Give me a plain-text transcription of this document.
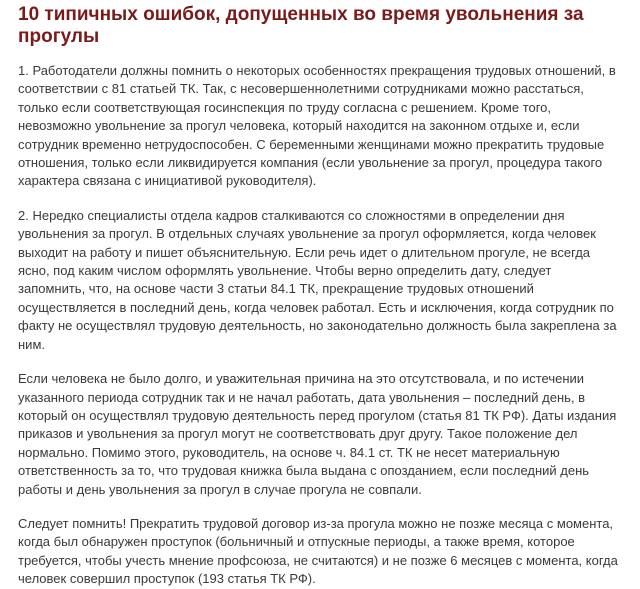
10 типичных ошибок, допущенных во время увольнения за прогулы

1. Работодатели должны помнить о некоторых особенностях прекращения трудовых отношений, в соответствии с 81 статьей ТК. Так, с несовершеннолетними сотрудниками можно расстаться, только если соответствующая госинспекция по труду согласна с решением. Кроме того, невозможно увольнение за прогул человека, который находится на законном отдыхе и, если сотрудник временно нетрудоспособен. С беременными женщинами можно прекратить трудовые отношения, только если ликвидируется компания (если увольнение за прогул, процедура такого характера связана с инициативой руководителя).

2. Нередко специалисты отдела кадров сталкиваются со сложностями в определении дня увольнения за прогул. В отдельных случаях увольнение за прогул оформляется, когда человек выходит на работу и пишет объяснительную. Если речь идет о длительном прогуле, не всегда ясно, под каким числом оформлять увольнение. Чтобы верно определить дату, следует запомнить, что, на основе части 3 статьи 84.1 ТК, прекращение трудовых отношений осуществляется в последний день, когда человек работал. Есть и исключения, когда сотрудник по факту не осуществлял трудовую деятельность, но законодательно должность была закреплена за ним.

Если человека не было долго, и уважительная причина на это отсутствовала, и по истечении указанного периода сотрудник так и не начал работать, дата увольнения – последний день, в который он осуществлял трудовую деятельность перед прогулом (статья 81 ТК РФ). Даты издания приказов и увольнения за прогул могут не соответствовать друг другу. Такое положение дел нормально. Помимо этого, руководитель, на основе ч. 84.1 ст. ТК не несет материальную ответственность за то, что трудовая книжка была выдана с опозданием, если последний день работы и день увольнения за прогул в случае прогула не совпали.

Следует помнить! Прекратить трудовой договор из-за прогула можно не позже месяца с момента, когда был обнаружен проступок (больничный и отпускные периоды, а также время, которое требуется, чтобы учесть мнение профсоюза, не считаются) и не позже 6 месяцев с момента, когда человек совершил проступок (193 статья ТК РФ).
